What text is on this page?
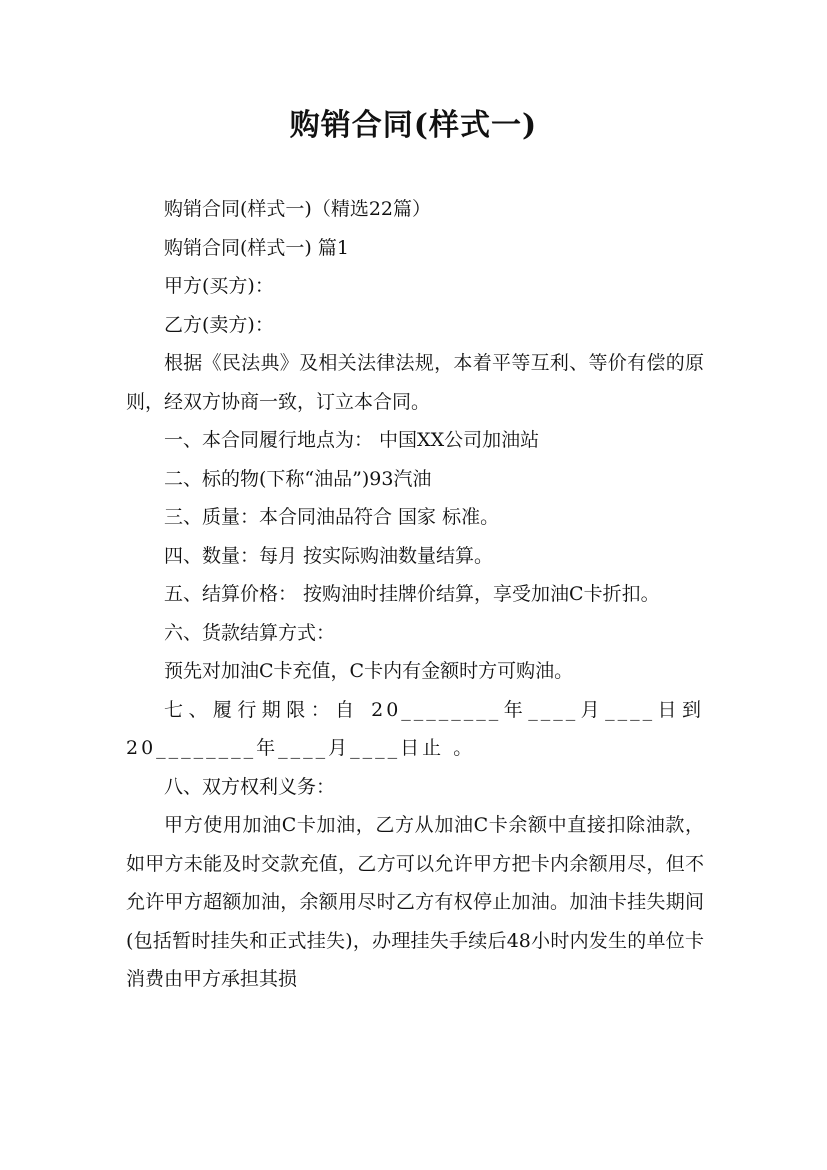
购销合同(样式一)

购销合同(样式一)（精选22篇）

购销合同(样式一) 篇1

甲方(买方)：

乙方(卖方)：

根据《民法典》及相关法律法规，本着平等互利、等价有偿的原则，经双方协商一致，订立本合同。

一、本合同履行地点为： 中国XX公司加油站

二、标的物(下称“油品”)93汽油

三、质量：本合同油品符合 国家 标准。

四、数量：每月 按实际购油数量结算。

五、结算价格： 按购油时挂牌价结算，享受加油C卡折扣。

六、货款结算方式：

预先对加油C卡充值，C卡内有金额时方可购油。

七、履行期限：自 20________年____月____日到20________年____月____日止 。

八、双方权利义务：

甲方使用加油C卡加油，乙方从加油C卡余额中直接扣除油款，如甲方未能及时交款充值，乙方可以允许甲方把卡内余额用尽，但不允许甲方超额加油，余额用尽时乙方有权停止加油。加油卡挂失期间(包括暂时挂失和正式挂失)，办理挂失手续后48小时内发生的单位卡消费由甲方承担其损
